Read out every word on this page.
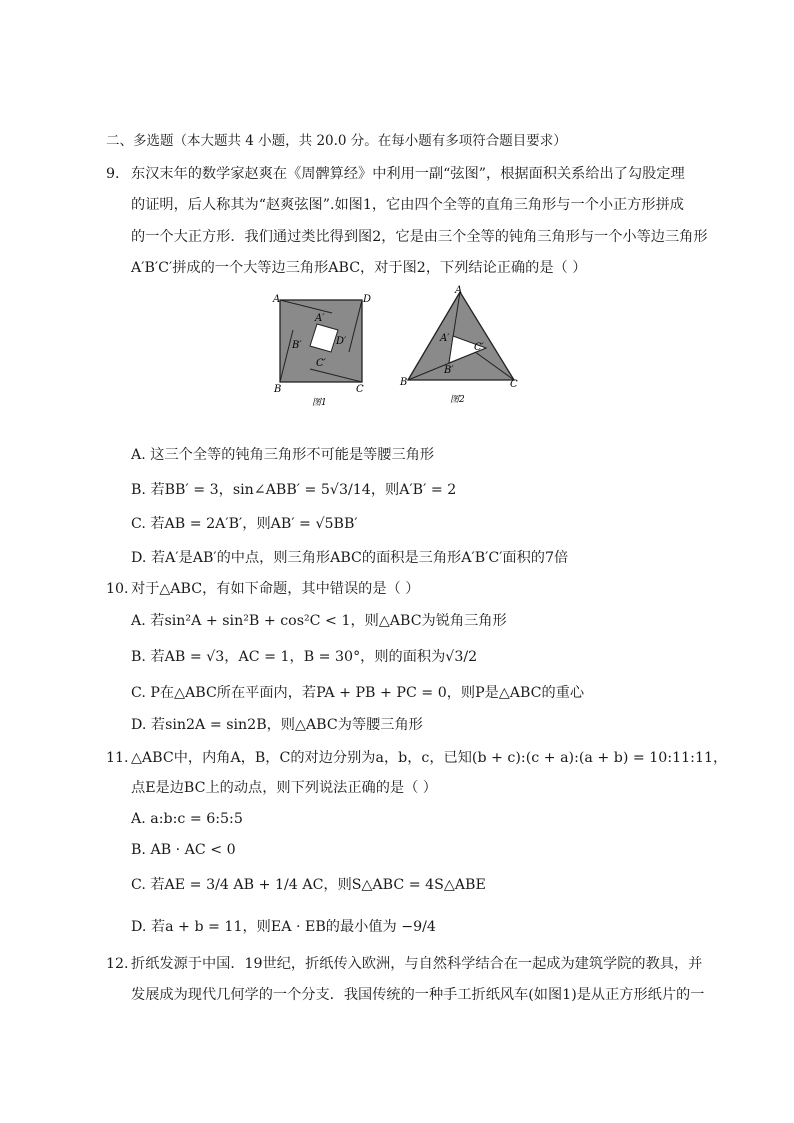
二、多选题（本大题共 4 小题，共 20.0 分。在每小题有多项符合题目要求）
9. 东汉末年的数学家赵爽在《周髀算经》中利用一副“弦图”，根据面积关系给出了勾股定理
的证明，后人称其为“赵爽弦图”.如图1，它由四个全等的直角三角形与一个小正方形拼成
的一个大正方形．我们通过类比得到图2，它是由三个全等的钝角三角形与一个小等边三角形
A′B′C′拼成的一个大等边三角形ABC，对于图2，下列结论正确的是（ ）
A	D
A′
B′	D′
C′
B	C
图1
A
A′
C′
B′
B	C
图2
A. 这三个全等的钝角三角形不可能是等腰三角形
B. 若BB′ = 3，sin∠ABB′ = 5√3/14，则A′B′ = 2
C. 若AB = 2A′B′，则AB′ = √5BB′
D. 若A′是AB′的中点，则三角形ABC的面积是三角形A′B′C′面积的7倍
10. 对于△ABC，有如下命题，其中错误的是（ ）
A. 若sin²A + sin²B + cos²C < 1，则△ABC为锐角三角形
B. 若AB = √3，AC = 1，B = 30°，则的面积为√3/2
C. P在△ABC所在平面内，若PA + PB + PC = 0，则P是△ABC的重心
D. 若sin2A = sin2B，则△ABC为等腰三角形
11. △ABC中，内角A，B，C的对边分别为a，b，c，已知(b + c):(c + a):(a + b) = 10:11:11，
点E是边BC上的动点，则下列说法正确的是（ ）
A. a:b:c = 6:5:5
B. AB · AC < 0
C. 若AE = 3/4 AB + 1/4 AC，则S△ABC = 4S△ABE
D. 若a + b = 11，则EA · EB的最小值为 −9/4
12. 折纸发源于中国．19世纪，折纸传入欧洲，与自然科学结合在一起成为建筑学院的教具，并
发展成为现代几何学的一个分支．我国传统的一种手工折纸风车(如图1)是从正方形纸片的一
